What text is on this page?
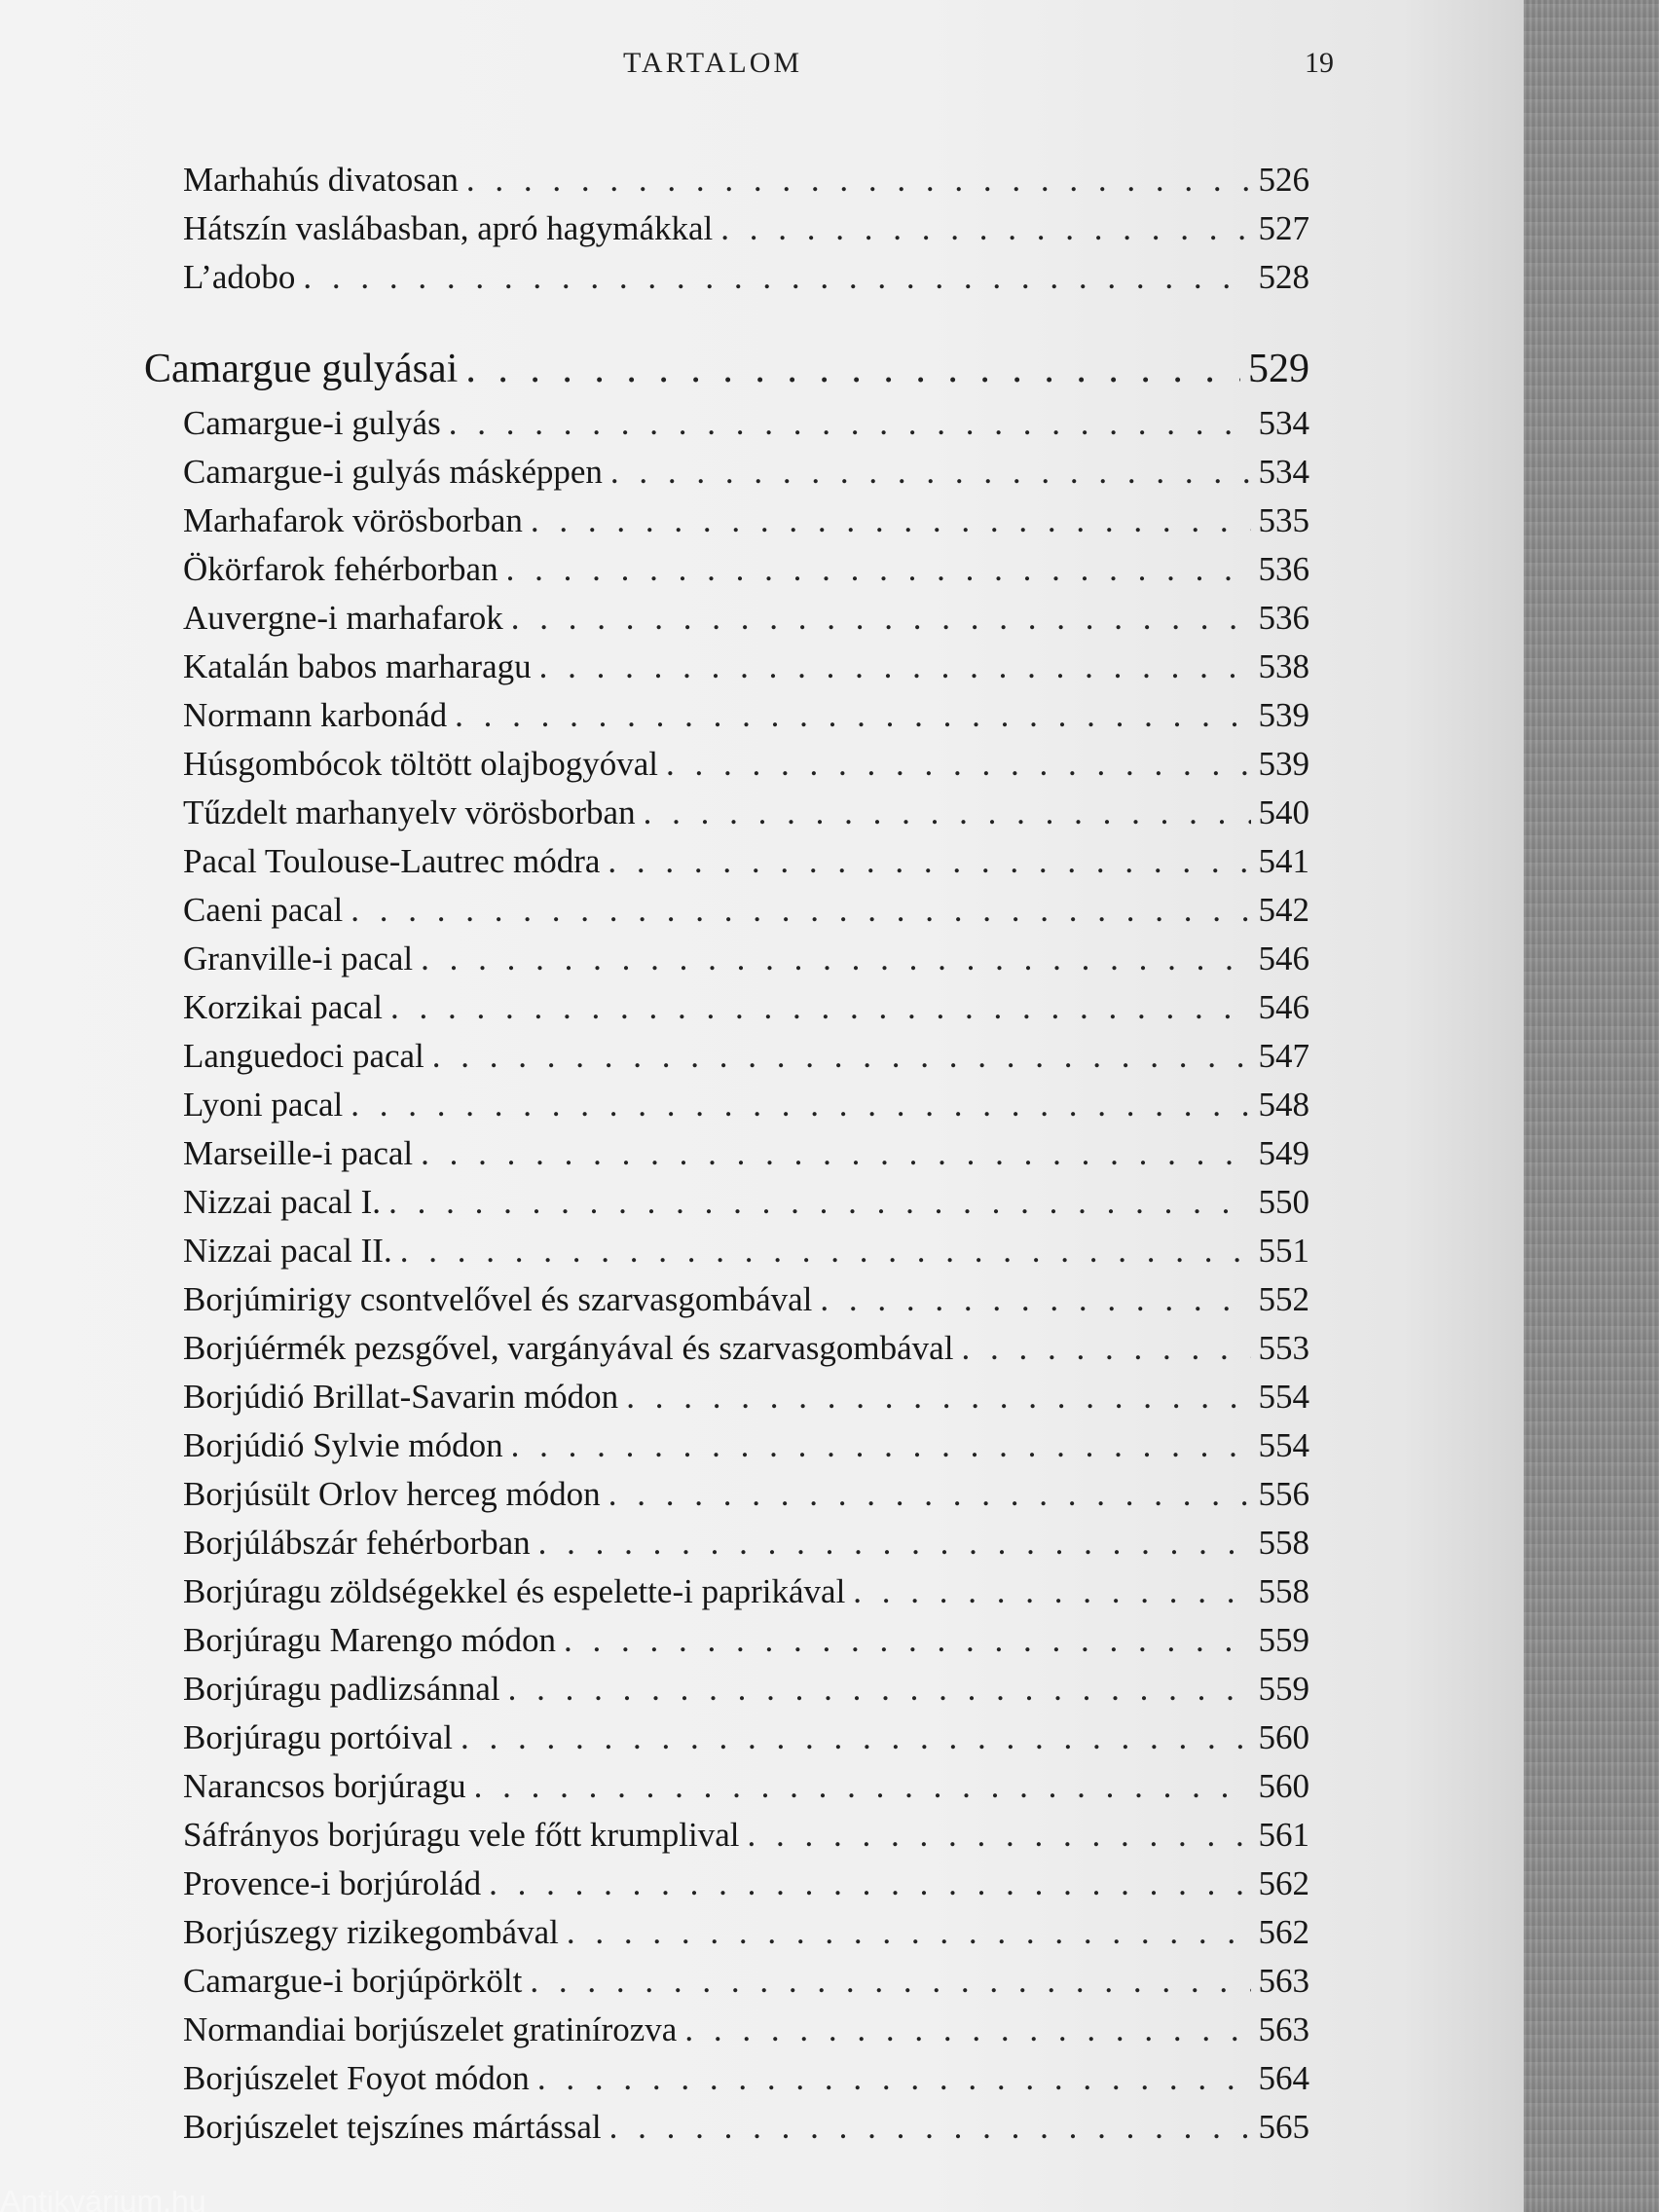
TARTALOM	19
Marhahús divatosan . . .	526
Hátszín vaslábasban, apró hagymákkal . . .	527
L’adobo . . .	528
Camargue gulyásai . . .	529
Camargue-i gulyás . . .	534
Camargue-i gulyás másképpen . . .	534
Marhafarok vörösborban . . .	535
Ökörfarok fehérborban . . .	536
Auvergne-i marhafarok . . .	536
Katalán babos marharagu . . .	538
Normann karbonád . . .	539
Húsgombócok töltött olajbogyóval . . .	539
Tűzdelt marhanyelv vörösborban . . .	540
Pacal Toulouse-Lautrec módra . . .	541
Caeni pacal . . .	542
Granville-i pacal . . .	546
Korzikai pacal . . .	546
Languedoci pacal . . .	547
Lyoni pacal . . .	548
Marseille-i pacal . . .	549
Nizzai pacal I. . . .	550
Nizzai pacal II. . . .	551
Borjúmirigy csontvelővel és szarvasgombával . . .	552
Borjúérmék pezsgővel, vargányával és szarvasgombával . . .	553
Borjúdió Brillat-Savarin módon . . .	554
Borjúdió Sylvie módon . . .	554
Borjúsült Orlov herceg módon . . .	556
Borjúlábszár fehérborban . . .	558
Borjúragu zöldségekkel és espelette-i paprikával . . .	558
Borjúragu Marengo módon . . .	559
Borjúragu padlizsánnal . . .	559
Borjúragu portóival . . .	560
Narancsos borjúragu . . .	560
Sáfrányos borjúragu vele főtt krumplival . . .	561
Provence-i borjúrolád . . .	562
Borjúszegy rizikegombával . . .	562
Camargue-i borjúpörkölt . . .	563
Normandiai borjúszelet gratinírozva . . .	563
Borjúszelet Foyot módon . . .	564
Borjúszelet tejszínes mártással . . .	565
Antikvárium.hu
